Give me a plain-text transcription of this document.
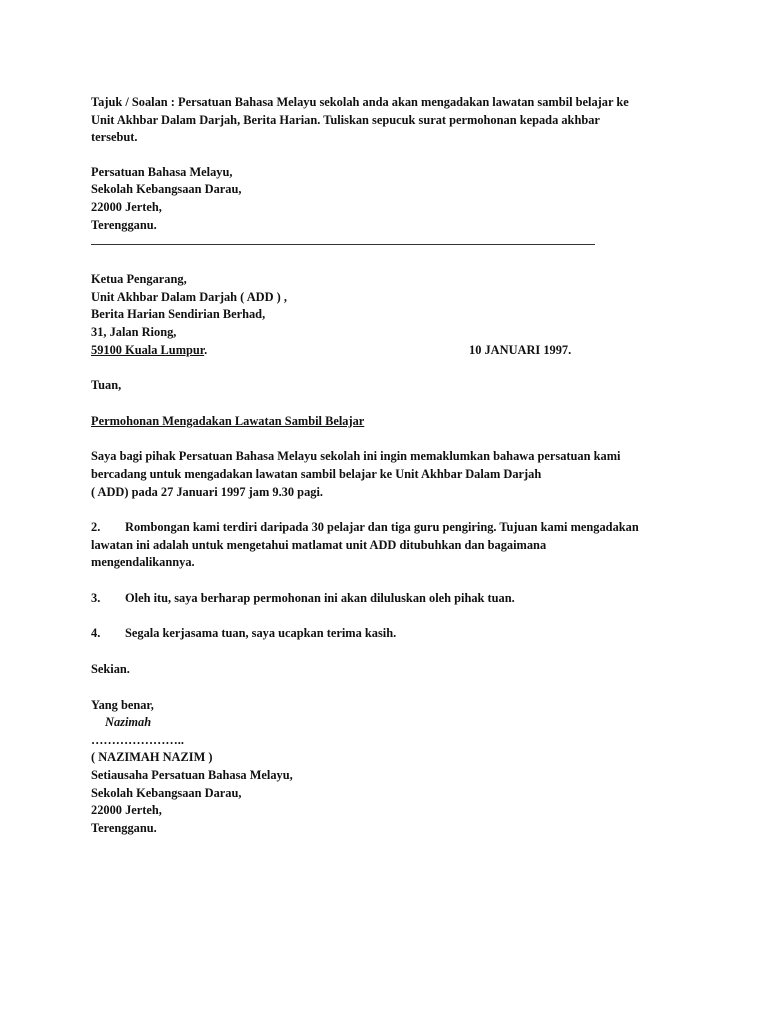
Tajuk / Soalan : Persatuan Bahasa Melayu sekolah anda akan mengadakan lawatan sambil belajar ke
Unit Akhbar Dalam Darjah, Berita Harian. Tuliskan sepucuk surat permohonan kepada akhbar
tersebut.
Persatuan Bahasa Melayu,
Sekolah Kebangsaan Darau,
22000 Jerteh,
Terengganu.
Ketua Pengarang,
Unit Akhbar Dalam Darjah ( ADD ) ,
Berita Harian Sendirian Berhad,
31, Jalan Riong,
59100 Kuala Lumpur.	10 JANUARI 1997.
Tuan,
Permohonan Mengadakan Lawatan Sambil Belajar
Saya bagi pihak Persatuan Bahasa Melayu sekolah ini ingin memaklumkan bahawa persatuan kami
bercadang untuk mengadakan lawatan sambil belajar ke Unit Akhbar Dalam Darjah
( ADD) pada 27 Januari 1997 jam 9.30 pagi.
2. Rombongan kami terdiri daripada 30 pelajar dan tiga guru pengiring. Tujuan kami mengadakan
lawatan ini adalah untuk mengetahui matlamat unit ADD ditubuhkan dan bagaimana
mengendalikannya.
3. Oleh itu, saya berharap permohonan ini akan diluluskan oleh pihak tuan.
4. Segala kerjasama tuan, saya ucapkan terima kasih.
Sekian.
Yang benar,
Nazimah
…………………..
( NAZIMAH NAZIM )
Setiausaha Persatuan Bahasa Melayu,
Sekolah Kebangsaan Darau,
22000 Jerteh,
Terengganu.
